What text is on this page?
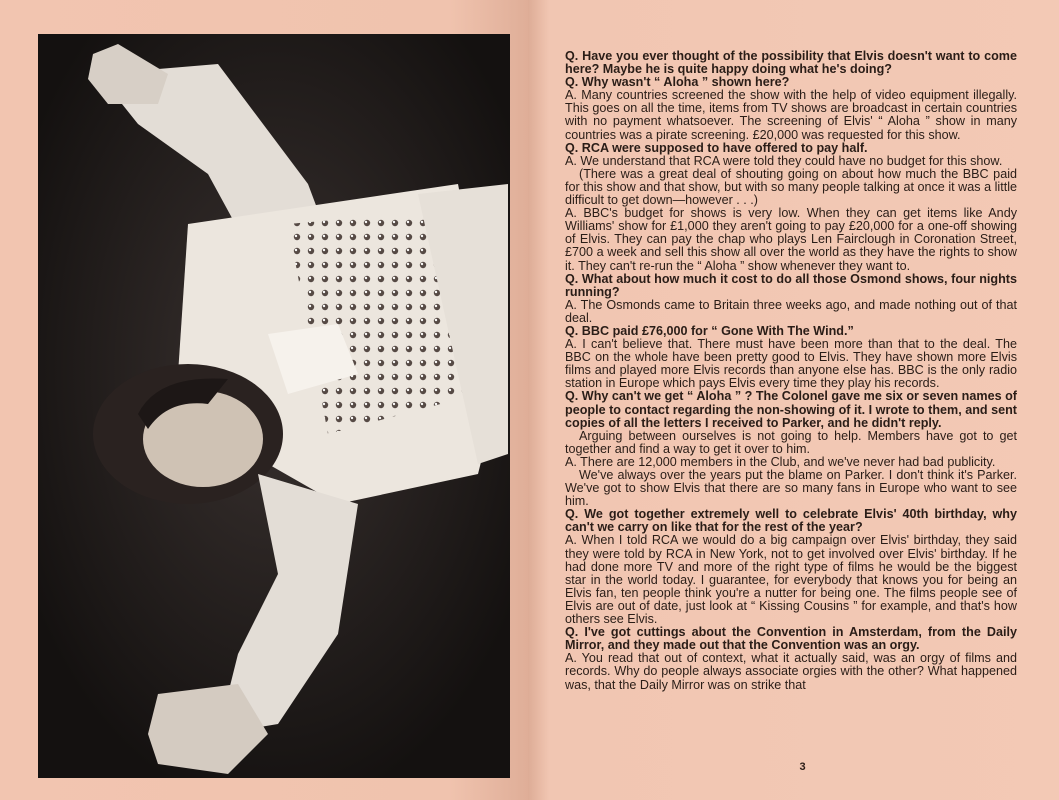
Q. Have you ever thought of the possibility that Elvis doesn't want to come here? Maybe he is quite happy doing what he's doing?

Q. Why wasn't “ Aloha ” shown here?

A. Many countries screened the show with the help of video equipment illegally. This goes on all the time, items from TV shows are broadcast in certain countries with no payment whatsoever. The screening of Elvis' “ Aloha ” show in many countries was a pirate screening. £20,000 was requested for this show.

Q. RCA were supposed to have offered to pay half.

A. We understand that RCA were told they could have no budget for this show.

(There was a great deal of shouting going on about how much the BBC paid for this show and that show, but with so many people talking at once it was a little difficult to get down—however . . .)

A. BBC's budget for shows is very low. When they can get items like Andy Williams' show for £1,000 they aren't going to pay £20,000 for a one-off showing of Elvis. They can pay the chap who plays Len Fairclough in Coronation Street, £700 a week and sell this show all over the world as they have the rights to show it. They can't re-run the “ Aloha ” show whenever they want to.

Q. What about how much it cost to do all those Osmond shows, four nights running?

A. The Osmonds came to Britain three weeks ago, and made nothing out of that deal.

Q. BBC paid £76,000 for “ Gone With The Wind.”

A. I can't believe that. There must have been more than that to the deal. The BBC on the whole have been pretty good to Elvis. They have shown more Elvis films and played more Elvis records than anyone else has. BBC is the only radio station in Europe which pays Elvis every time they play his records.

Q. Why can't we get “ Aloha ” ? The Colonel gave me six or seven names of people to contact regarding the non-showing of it. I wrote to them, and sent copies of all the letters I received to Parker, and he didn't reply.

Arguing between ourselves is not going to help. Members have got to get together and find a way to get it over to him.

A. There are 12,000 members in the Club, and we've never had bad publicity.

We've always over the years put the blame on Parker. I don't think it's Parker. We've got to show Elvis that there are so many fans in Europe who want to see him.

Q. We got together extremely well to celebrate Elvis' 40th birthday, why can't we carry on like that for the rest of the year?

A. When I told RCA we would do a big campaign over Elvis' birthday, they said they were told by RCA in New York, not to get involved over Elvis' birthday. If he had done more TV and more of the right type of films he would be the biggest star in the world today. I guarantee, for everybody that knows you for being an Elvis fan, ten people think you're a nutter for being one. The films people see of Elvis are out of date, just look at “ Kissing Cousins ” for example, and that's how others see Elvis.

Q. I've got cuttings about the Convention in Amsterdam, from the Daily Mirror, and they made out that the Convention was an orgy.

A. You read that out of context, what it actually said, was an orgy of films and records. Why do people always associate orgies with the other? What happened was, that the Daily Mirror was on strike that

3
